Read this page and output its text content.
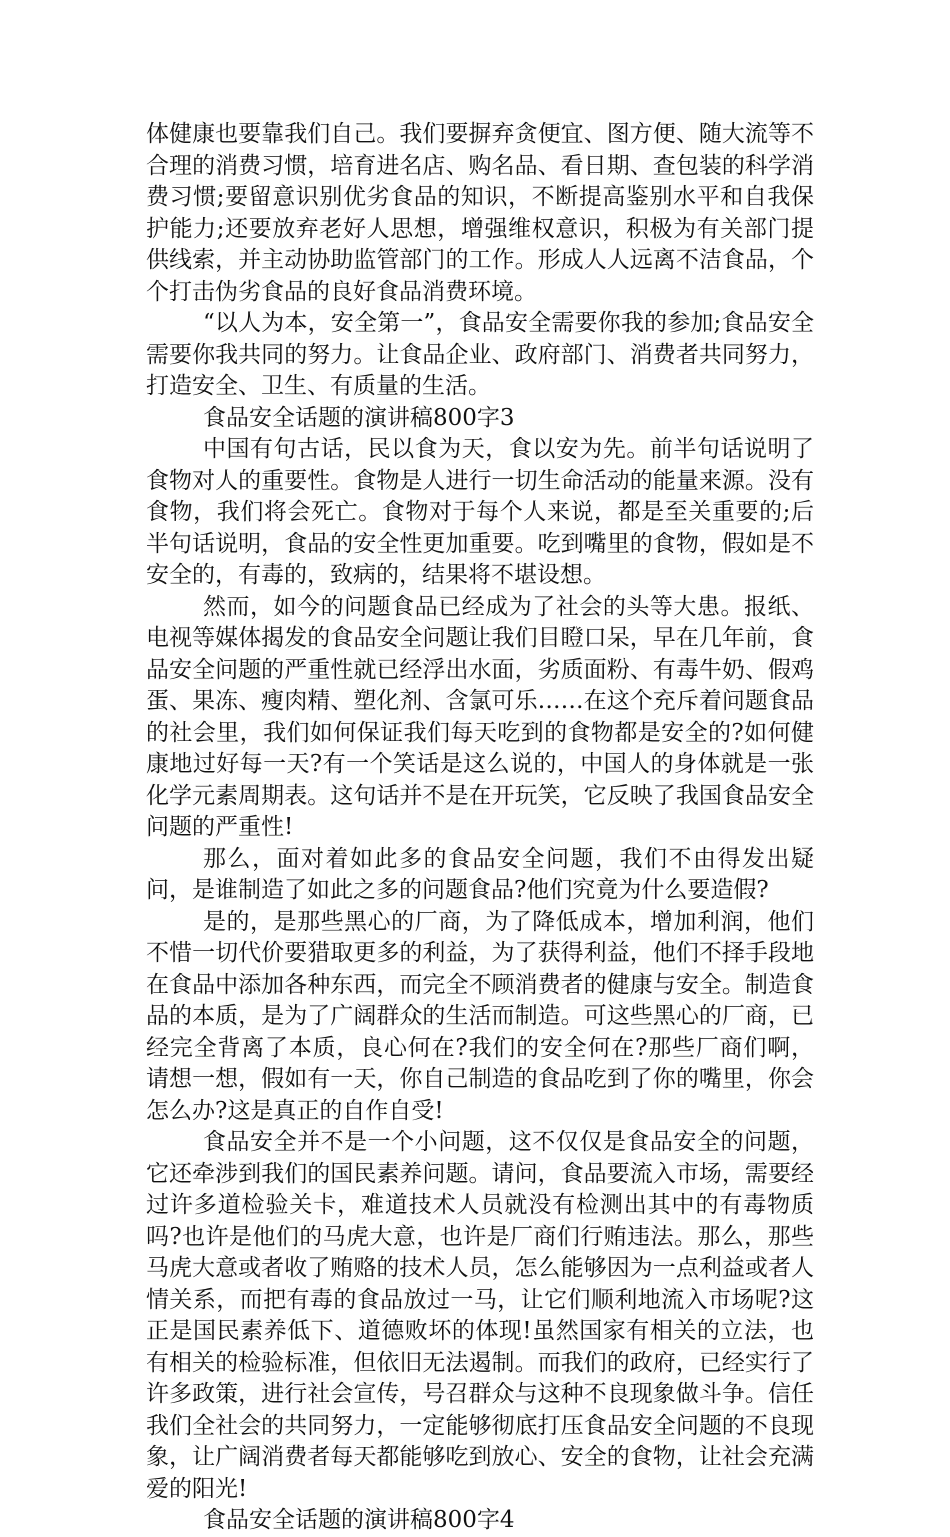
体健康也要靠我们自己。我们要摒弃贪便宜、图方便、随大流等不合理的消费习惯，培育进名店、购名品、看日期、查包装的科学消费习惯;要留意识别优劣食品的知识，不断提高鉴别水平和自我保护能力;还要放弃老好人思想，增强维权意识，积极为有关部门提供线索，并主动协助监管部门的工作。形成人人远离不洁食品，个个打击伪劣食品的良好食品消费环境。

“以人为本，安全第一”，食品安全需要你我的参加;食品安全需要你我共同的努力。让食品企业、政府部门、消费者共同努力，打造安全、卫生、有质量的生活。

食品安全话题的演讲稿800字3

中国有句古话，民以食为天，食以安为先。前半句话说明了食物对人的重要性。食物是人进行一切生命活动的能量来源。没有食物，我们将会死亡。食物对于每个人来说，都是至关重要的;后半句话说明，食品的安全性更加重要。吃到嘴里的食物，假如是不安全的，有毒的，致病的，结果将不堪设想。

然而，如今的问题食品已经成为了社会的头等大患。报纸、电视等媒体揭发的食品安全问题让我们目瞪口呆，早在几年前，食品安全问题的严重性就已经浮出水面，劣质面粉、有毒牛奶、假鸡蛋、果冻、瘦肉精、塑化剂、含氯可乐……在这个充斥着问题食品的社会里，我们如何保证我们每天吃到的食物都是安全的?如何健康地过好每一天?有一个笑话是这么说的，中国人的身体就是一张化学元素周期表。这句话并不是在开玩笑，它反映了我国食品安全问题的严重性!

那么，面对着如此多的食品安全问题，我们不由得发出疑问，是谁制造了如此之多的问题食品?他们究竟为什么要造假?

是的，是那些黑心的厂商，为了降低成本，增加利润，他们不惜一切代价要猎取更多的利益，为了获得利益，他们不择手段地在食品中添加各种东西，而完全不顾消费者的健康与安全。制造食品的本质，是为了广阔群众的生活而制造。可这些黑心的厂商，已经完全背离了本质，良心何在?我们的安全何在?那些厂商们啊，请想一想，假如有一天，你自己制造的食品吃到了你的嘴里，你会怎么办?这是真正的自作自受!

食品安全并不是一个小问题，这不仅仅是食品安全的问题，它还牵涉到我们的国民素养问题。请问，食品要流入市场，需要经过许多道检验关卡，难道技术人员就没有检测出其中的有毒物质吗?也许是他们的马虎大意，也许是厂商们行贿违法。那么，那些马虎大意或者收了贿赂的技术人员，怎么能够因为一点利益或者人情关系，而把有毒的食品放过一马，让它们顺利地流入市场呢?这正是国民素养低下、道德败坏的体现!虽然国家有相关的立法，也有相关的检验标准，但依旧无法遏制。而我们的政府，已经实行了许多政策，进行社会宣传，号召群众与这种不良现象做斗争。信任我们全社会的共同努力，一定能够彻底打压食品安全问题的不良现象，让广阔消费者每天都能够吃到放心、安全的食物，让社会充满爱的阳光!

食品安全话题的演讲稿800字4
